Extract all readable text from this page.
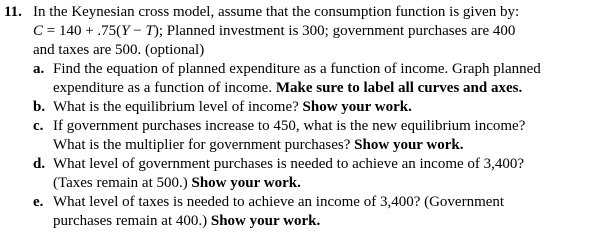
11. In the Keynesian cross model, assume that the consumption function is given by:
C = 140 + .75(Y − T); Planned investment is 300; government purchases are 400
and taxes are 500. (optional)
a. Find the equation of planned expenditure as a function of income. Graph planned
expenditure as a function of income. Make sure to label all curves and axes.
b. What is the equilibrium level of income? Show your work.
c. If government purchases increase to 450, what is the new equilibrium income?
What is the multiplier for government purchases? Show your work.
d. What level of government purchases is needed to achieve an income of 3,400?
(Taxes remain at 500.) Show your work.
e. What level of taxes is needed to achieve an income of 3,400? (Government
purchases remain at 400.) Show your work.
